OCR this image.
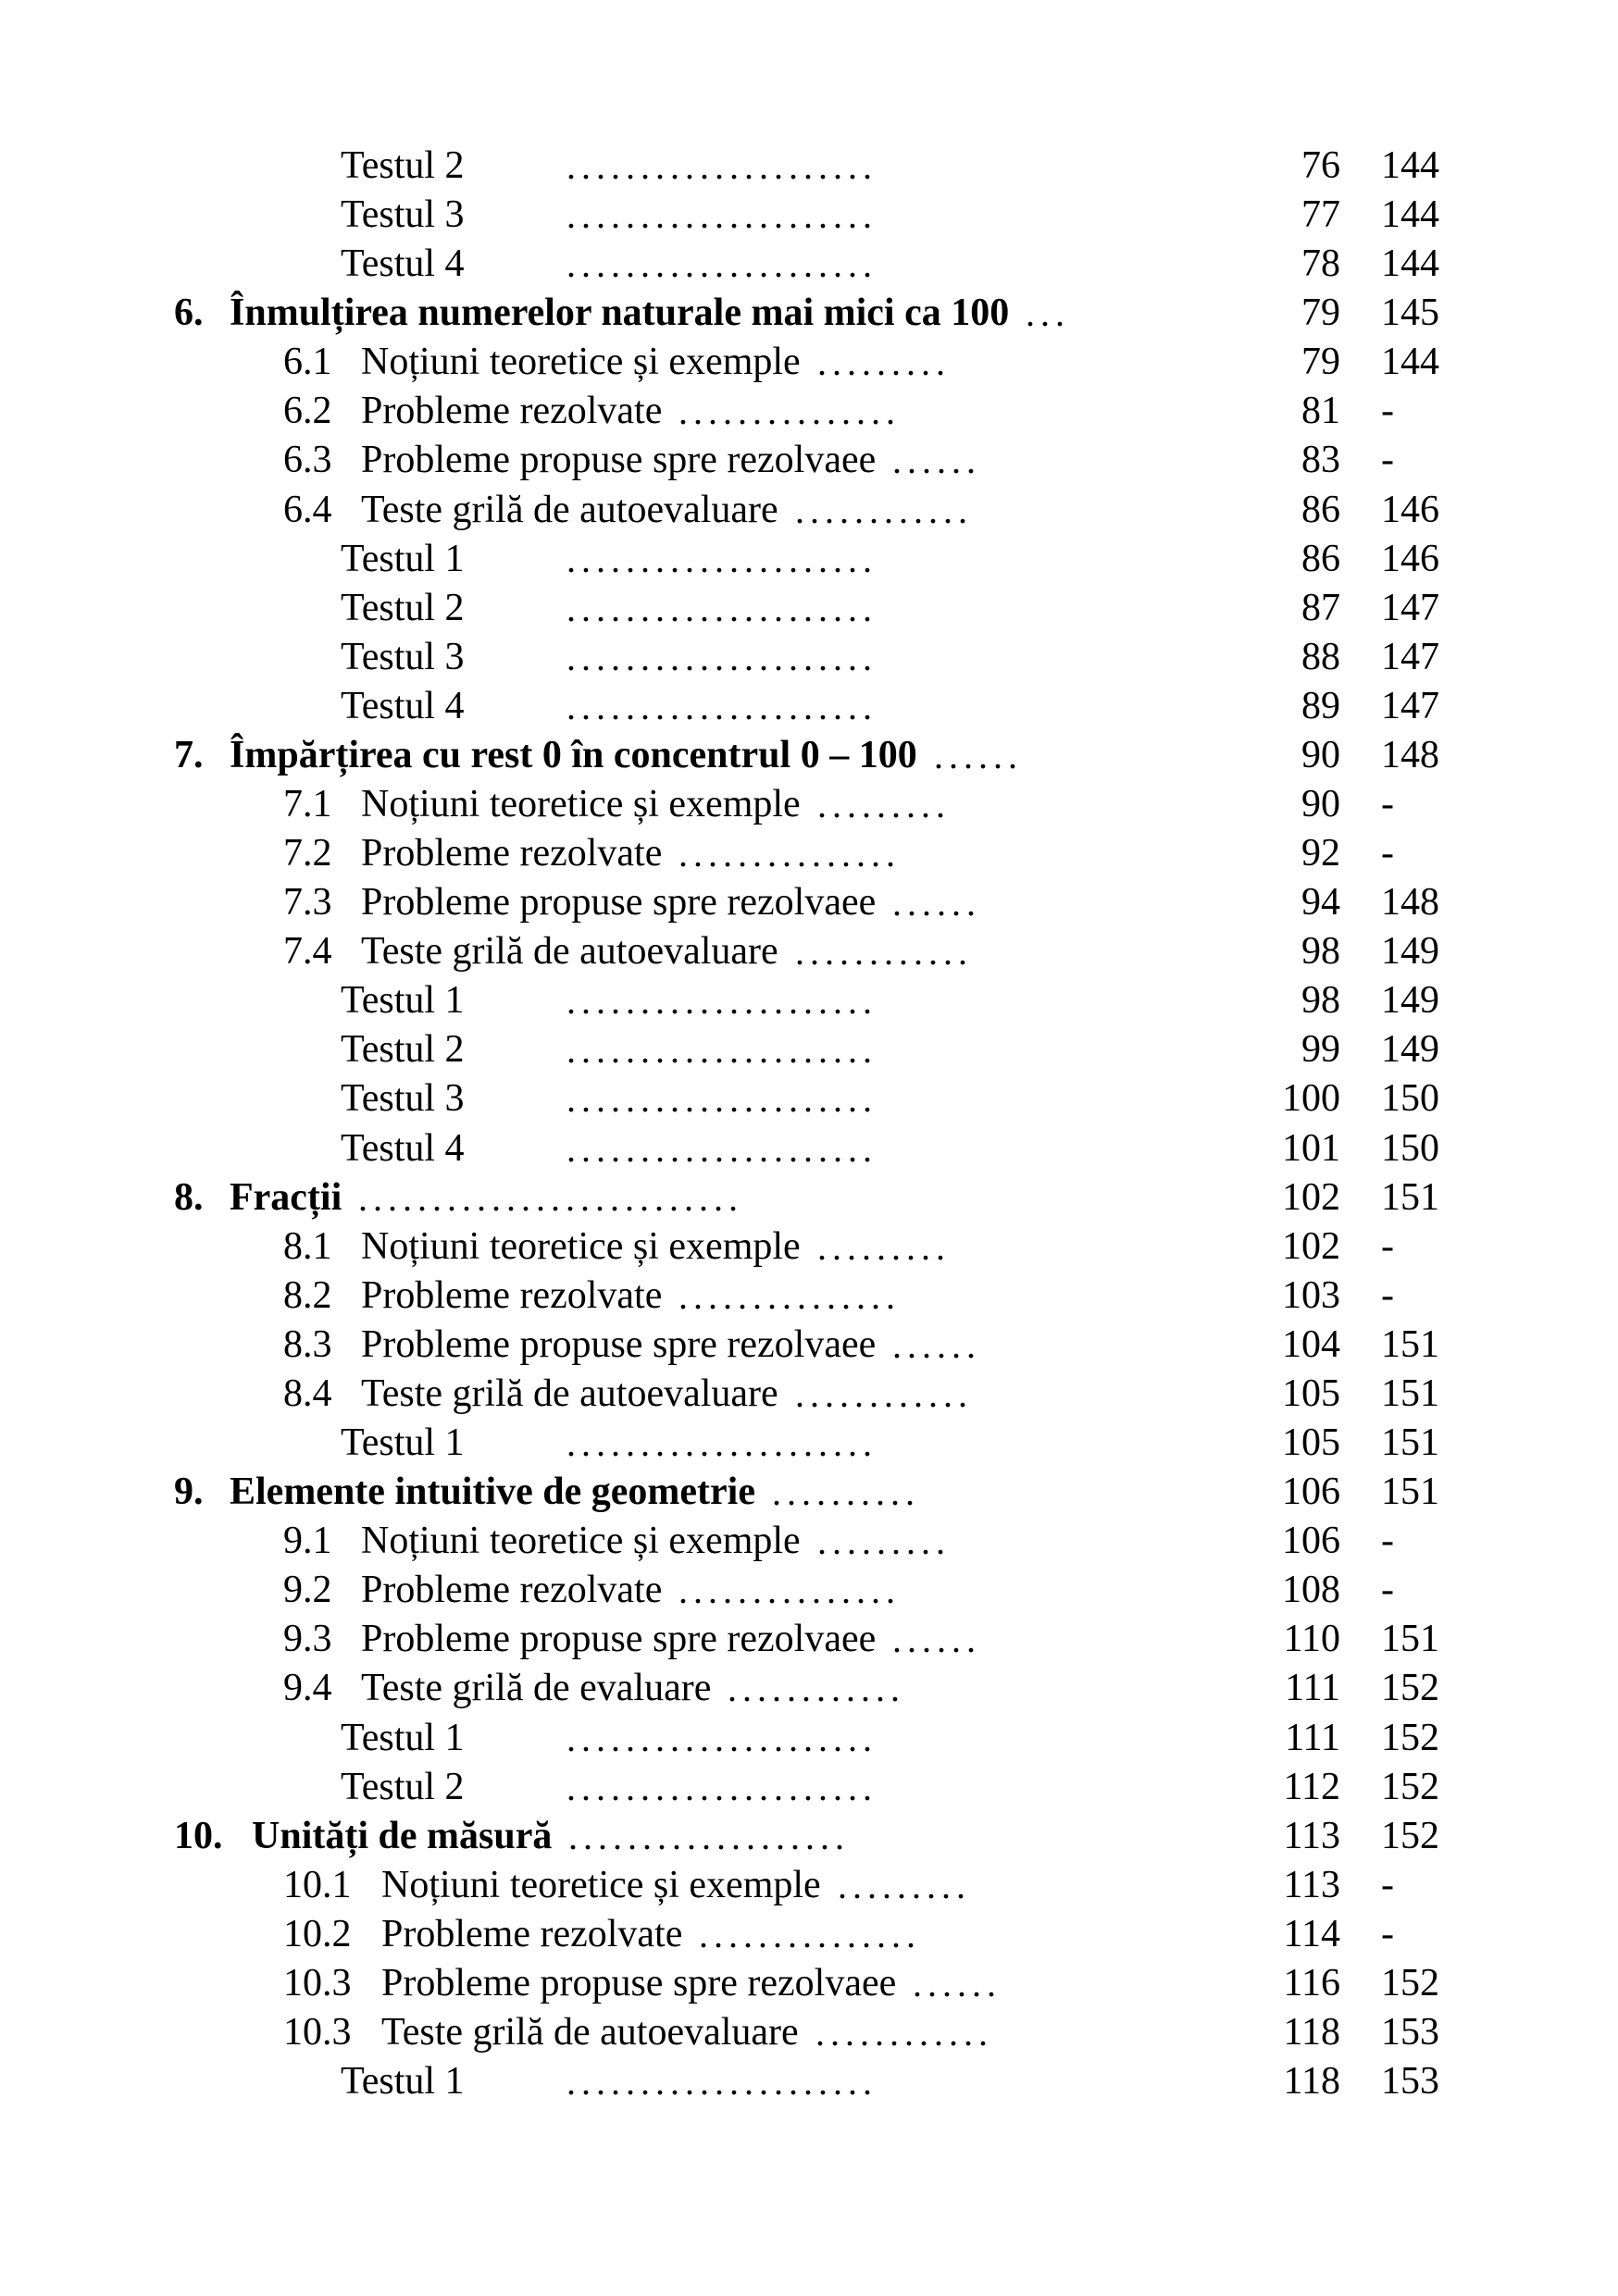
Testul 2	.....................	76 144
Testul 3	.....................	77 144
Testul 4	.....................	78 144
6. Înmulțirea numerelor naturale mai mici ca 100 ...	79 145
6.1 Noțiuni teoretice și exemple .........	79 144
6.2 Probleme rezolvate ...............	81 -
6.3 Probleme propuse spre rezolvaee ......	83 -
6.4 Teste grilă de autoevaluare ............	86 146
Testul 1	.....................	86 146
Testul 2	.....................	87 147
Testul 3	.....................	88 147
Testul 4	.....................	89 147
7. Împărțirea cu rest 0 în concentrul 0 – 100 ......	90 148
7.1 Noțiuni teoretice și exemple .........	90 -
7.2 Probleme rezolvate ...............	92 -
7.3 Probleme propuse spre rezolvaee ......	94 148
7.4 Teste grilă de autoevaluare ............	98 149
Testul 1	.....................	98 149
Testul 2	.....................	99 149
Testul 3	.....................	100 150
Testul 4	.....................	101 150
8. Fracții ..........................	102 151
8.1 Noțiuni teoretice și exemple .........	102 -
8.2 Probleme rezolvate ...............	103 -
8.3 Probleme propuse spre rezolvaee ......	104 151
8.4 Teste grilă de autoevaluare ............	105 151
Testul 1	.....................	105 151
9. Elemente intuitive de geometrie ..........	106 151
9.1 Noțiuni teoretice și exemple .........	106 -
9.2 Probleme rezolvate ...............	108 -
9.3 Probleme propuse spre rezolvaee ......	110 151
9.4 Teste grilă de evaluare ............	111 152
Testul 1	.....................	111 152
Testul 2	.....................	112 152
10. Unități de măsură ...................	113 152
10.1 Noțiuni teoretice și exemple .........	113 -
10.2 Probleme rezolvate ...............	114 -
10.3 Probleme propuse spre rezolvaee ......	116 152
10.3 Teste grilă de autoevaluare ............	118 153
Testul 1	.....................	118 153
